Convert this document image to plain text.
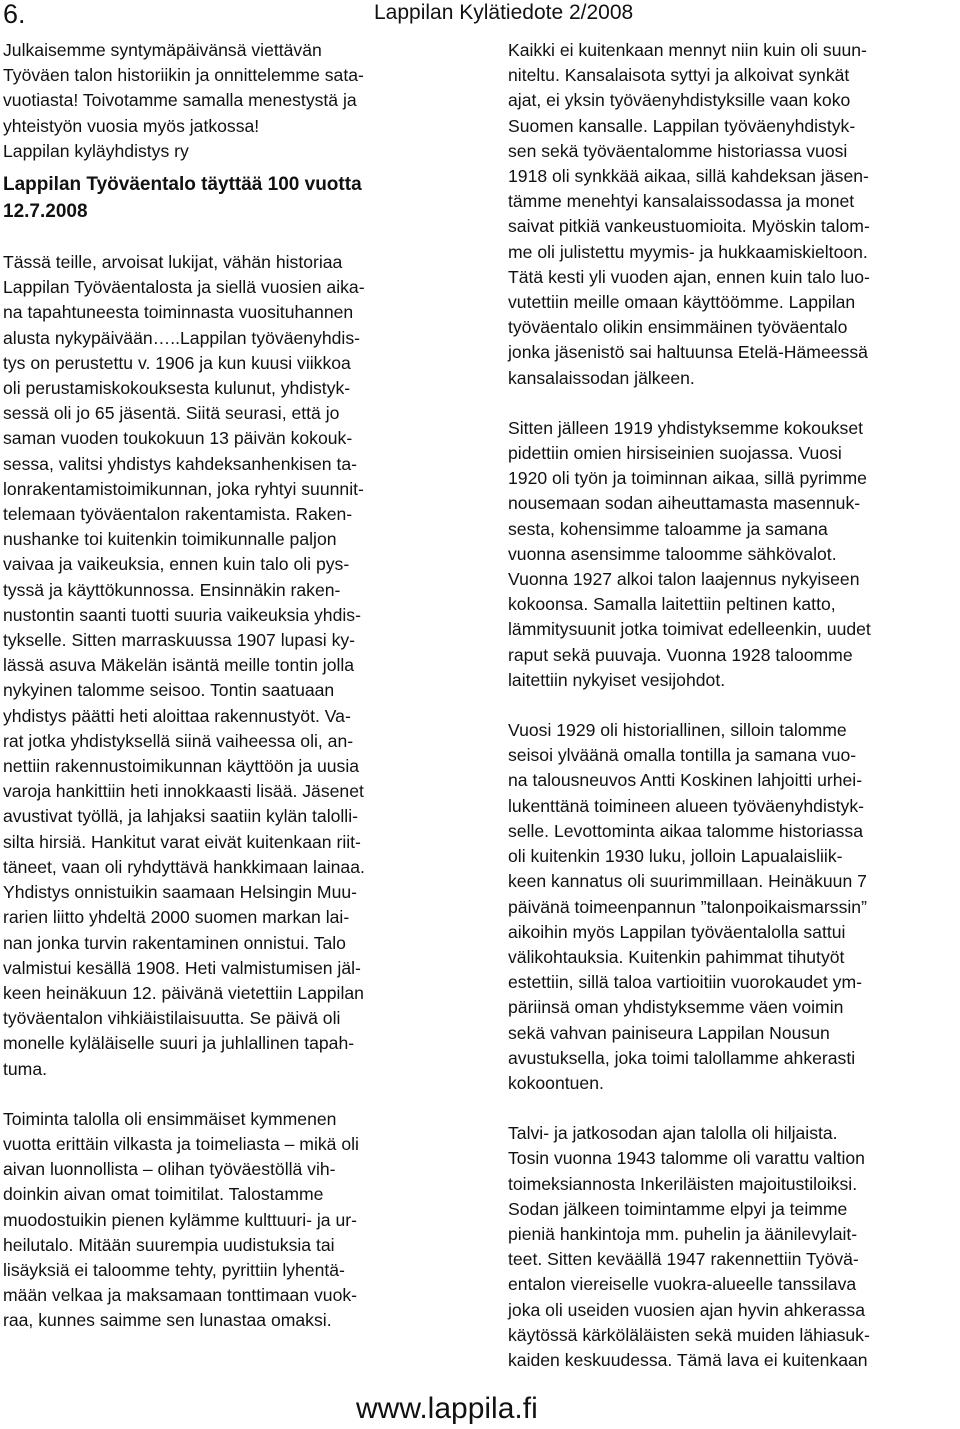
6.	Lappilan Kylätiedote 2/2008

Julkaisemme syntymäpäivänsä viettävän
Työväen talon historiikin ja onnittelemme sata-
vuotiasta! Toivotamme samalla menestystä ja
yhteistyön vuosia myös jatkossa!

Lappilan kyläyhdistys ry

Lappilan Työväentalo täyttää 100 vuotta
12.7.2008

Tässä teille, arvoisat lukijat, vähän historiaa
Lappilan Työväentalosta ja siellä vuosien aika-
na tapahtuneesta toiminnasta vuosituhannen
alusta nykypäivään…..Lappilan työväenyhdis-
tys on perustettu v. 1906 ja kun kuusi viikkoa
oli perustamiskokouksesta kulunut, yhdistyk-
sessä oli jo 65 jäsentä. Siitä seurasi, että jo
saman vuoden toukokuun 13 päivän kokouk-
sessa, valitsi yhdistys kahdeksanhenkisen ta-
lonrakentamistoimikunnan, joka ryhtyi suunnit-
telemaan työväentalon rakentamista. Raken-
nushanke toi kuitenkin toimikunnalle paljon
vaivaa ja vaikeuksia, ennen kuin talo oli pys-
tyssä ja käyttökunnossa. Ensinnäkin raken-
nustontin saanti tuotti suuria vaikeuksia yhdis-
tykselle. Sitten marraskuussa 1907 lupasi ky-
lässä asuva Mäkelän isäntä meille tontin jolla
nykyinen talomme seisoo. Tontin saatuaan
yhdistys päätti heti aloittaa rakennustyöt. Va-
rat jotka yhdistyksellä siinä vaiheessa oli, an-
nettiin rakennustoimikunnan käyttöön ja uusia
varoja hankittiin heti innokkaasti lisää. Jäsenet
avustivat työllä, ja lahjaksi saatiin kylän talolli-
silta hirsiä. Hankitut varat eivät kuitenkaan riit-
täneet, vaan oli ryhdyttävä hankkimaan lainaa.
Yhdistys onnistuikin saamaan Helsingin Muu-
rarien liitto yhdeltä 2000 suomen markan lai-
nan jonka turvin rakentaminen onnistui. Talo
valmistui kesällä 1908. Heti valmistumisen jäl-
keen heinäkuun 12. päivänä vietettiin Lappilan
työväentalon vihkiäistilaisuutta. Se päivä oli
monelle kyläläiselle suuri ja juhlallinen tapah-
tuma.

Toiminta talolla oli ensimmäiset kymmenen
vuotta erittäin vilkasta ja toimeliasta – mikä oli
aivan luonnollista – olihan työväestöllä vih-
doinkin aivan omat toimitilat. Talostamme
muodostuikin pienen kylämme kulttuuri- ja ur-
heilutalo. Mitään suurempia uudistuksia tai
lisäyksiä ei taloomme tehty, pyrittiin lyhentä-
mään velkaa ja maksamaan tonttimaan vuok-
raa, kunnes saimme sen lunastaa omaksi.

Kaikki ei kuitenkaan mennyt niin kuin oli suun-
niteltu. Kansalaisota syttyi ja alkoivat synkät
ajat, ei yksin työväenyhdistyksille vaan koko
Suomen kansalle. Lappilan työväenyhdistyk-
sen sekä työväentalomme historiassa vuosi
1918 oli synkkää aikaa, sillä kahdeksan jäsen-
tämme menehtyi kansalaissodassa ja monet
saivat pitkiä vankeustuomioita. Myöskin talom-
me oli julistettu myymis- ja hukkaamiskieltoon.
Tätä kesti yli vuoden ajan, ennen kuin talo luo-
vutettiin meille omaan käyttöömme. Lappilan
työväentalo olikin ensimmäinen työväentalo
jonka jäsenistö sai haltuunsa Etelä-Hämeessä
kansalaissodan jälkeen.

Sitten jälleen 1919 yhdistyksemme kokoukset
pidettiin omien hirsiseinien suojassa. Vuosi
1920 oli työn ja toiminnan aikaa, sillä pyrimme
nousemaan sodan aiheuttamasta masennuk-
sesta, kohensimme taloamme ja samana
vuonna asensimme taloomme sähkövalot.
Vuonna 1927 alkoi talon laajennus nykyiseen
kokoonsa. Samalla laitettiin peltinen katto,
lämmitysuunit jotka toimivat edelleenkin, uudet
raput sekä puuvaja. Vuonna 1928 taloomme
laitettiin nykyiset vesijohdot.

Vuosi 1929 oli historiallinen, silloin talomme
seisoi ylväänä omalla tontilla ja samana vuo-
na talousneuvos Antti Koskinen lahjoitti urhei-
lukenttänä toimineen alueen työväenyhdistyk-
selle. Levottominta aikaa talomme historiassa
oli kuitenkin 1930 luku, jolloin Lapualaisliik-
keen kannatus oli suurimmillaan. Heinäkuun 7
päivänä toimeenpannun ”talonpoikaismarssin”
aikoihin myös Lappilan työväentalolla sattui
välikohtauksia. Kuitenkin pahimmat tihutyöt
estettiin, sillä taloa vartioitiin vuorokaudet ym-
päriinsä oman yhdistyksemme väen voimin
sekä vahvan painiseura Lappilan Nousun
avustuksella, joka toimi talollamme ahkerasti
kokoontuen.

Talvi- ja jatkosodan ajan talolla oli hiljaista.
Tosin vuonna 1943 talomme oli varattu valtion
toimeksiannosta Inkeriläisten majoitustiloiksi.
Sodan jälkeen toimintamme elpyi ja teimme
pieniä hankintoja mm. puhelin ja äänilevylait-
teet. Sitten keväällä 1947 rakennettiin Työvä-
entalon viereiselle vuokra-alueelle tanssilava
joka oli useiden vuosien ajan hyvin ahkerassa
käytössä kärköläläisten sekä muiden lähiasuk-
kaiden keskuudessa. Tämä lava ei kuitenkaan

www.lappila.fi
